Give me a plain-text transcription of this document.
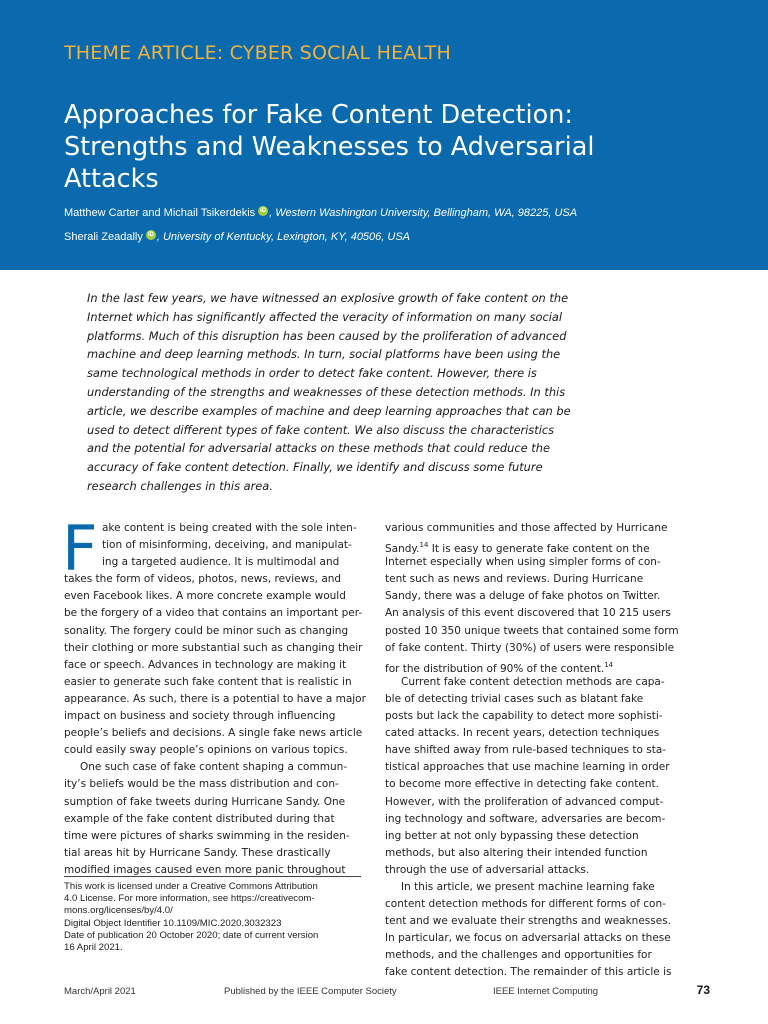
THEME ARTICLE: CYBER SOCIAL HEALTH
Approaches for Fake Content Detection:
Strengths and Weaknesses to Adversarial
Attacks
Matthew Carter and Michail Tsikerdekis iD , Western Washington University, Bellingham, WA, 98225, USA
Sherali Zeadally iD , University of Kentucky, Lexington, KY, 40506, USA
In the last few years, we have witnessed an explosive growth of fake content on the
Internet which has significantly affected the veracity of information on many social
platforms. Much of this disruption has been caused by the proliferation of advanced
machine and deep learning methods. In turn, social platforms have been using the
same technological methods in order to detect fake content. However, there is
understanding of the strengths and weaknesses of these detection methods. In this
article, we describe examples of machine and deep learning approaches that can be
used to detect different types of fake content. We also discuss the characteristics
and the potential for adversarial attacks on these methods that could reduce the
accuracy of fake content detection. Finally, we identify and discuss some future
research challenges in this area.
F ake content is being created with the sole inten-
tion of misinforming, deceiving, and manipulat-
ing a targeted audience. It is multimodal and
takes the form of videos, photos, news, reviews, and
even Facebook likes. A more concrete example would
be the forgery of a video that contains an important per-
sonality. The forgery could be minor such as changing
their clothing or more substantial such as changing their
face or speech. Advances in technology are making it
easier to generate such fake content that is realistic in
appearance. As such, there is a potential to have a major
impact on business and society through influencing
people’s beliefs and decisions. A single fake news article
could easily sway people’s opinions on various topics.
One such case of fake content shaping a commun-
ity’s beliefs would be the mass distribution and con-
sumption of fake tweets during Hurricane Sandy. One
example of the fake content distributed during that
time were pictures of sharks swimming in the residen-
tial areas hit by Hurricane Sandy. These drastically
modified images caused even more panic throughout
various communities and those affected by Hurricane
Sandy.$^{14}$ It is easy to generate fake content on the
Internet especially when using simpler forms of con-
tent such as news and reviews. During Hurricane
Sandy, there was a deluge of fake photos on Twitter.
An analysis of this event discovered that 10 215 users
posted 10 350 unique tweets that contained some form
of fake content. Thirty (30%) of users were responsible
for the distribution of 90% of the content.$^{14}$
Current fake content detection methods are capa-
ble of detecting trivial cases such as blatant fake
posts but lack the capability to detect more sophisti-
cated attacks. In recent years, detection techniques
have shifted away from rule-based techniques to sta-
tistical approaches that use machine learning in order
to become more effective in detecting fake content.
However, with the proliferation of advanced comput-
ing technology and software, adversaries are becom-
ing better at not only bypassing these detection
methods, but also altering their intended function
through the use of adversarial attacks.
In this article, we present machine learning fake
content detection methods for different forms of con-
tent and we evaluate their strengths and weaknesses.
In particular, we focus on adversarial attacks on these
methods, and the challenges and opportunities for
fake content detection. The remainder of this article is
This work is licensed under a Creative Commons Attribution
4.0 License. For more information, see https://creativecom-
mons.org/licenses/by/4.0/
Digital Object Identifier 10.1109/MIC.2020.3032323
Date of publication 20 October 2020; date of current version
16 April 2021.
March/April 2021	Published by the IEEE Computer Society	IEEE Internet Computing	73
